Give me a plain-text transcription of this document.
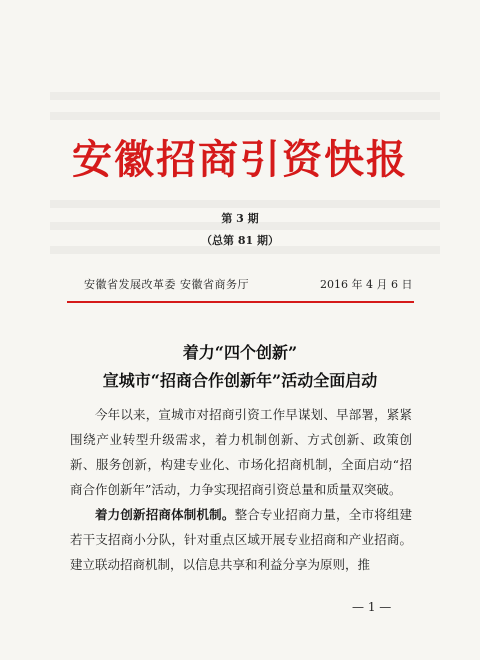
安徽招商引资快报
第 3 期
（总第 81 期）
安徽省发展改革委 安徽省商务厅	2016 年 4 月 6 日
着力“四个创新”
宣城市“招商合作创新年”活动全面启动

今年以来，宣城市对招商引资工作早谋划、早部署，紧紧围绕产业转型升级需求，着力机制创新、方式创新、政策创新、服务创新，构建专业化、市场化招商机制，全面启动“招商合作创新年”活动，力争实现招商引资总量和质量双突破。

着力创新招商体制机制。整合专业招商力量，全市将组建若干支招商小分队，针对重点区域开展专业招商和产业招商。建立联动招商机制，以信息共享和利益分享为原则，推

— 1 —
